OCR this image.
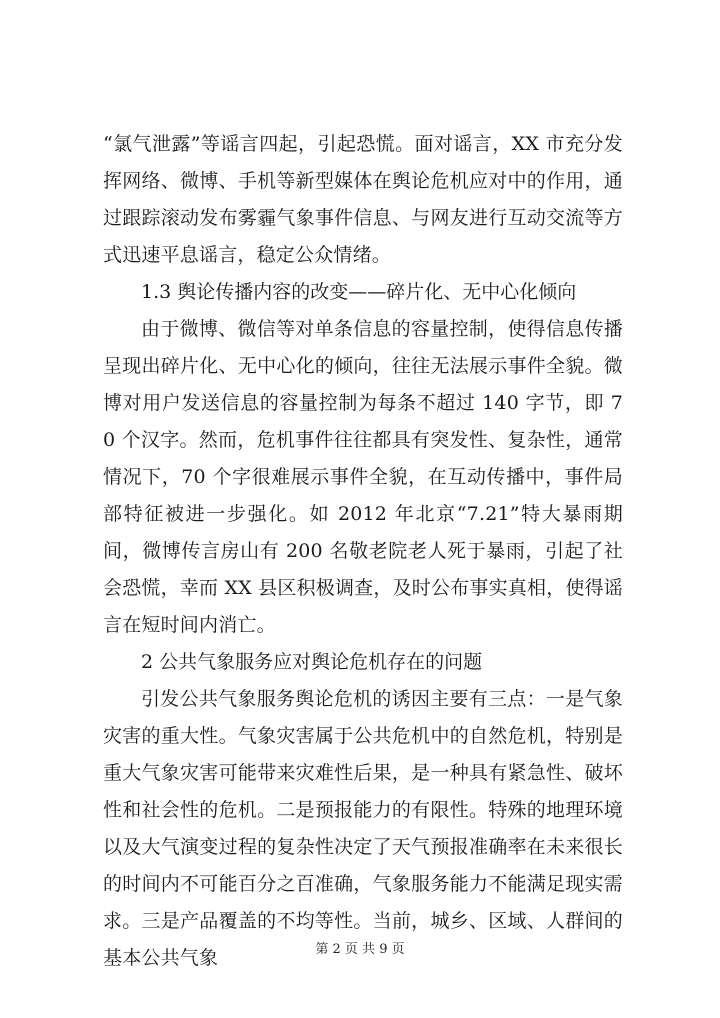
“氯气泄露”等谣言四起，引起恐慌。面对谣言，XX 市充分发挥网络、微博、手机等新型媒体在舆论危机应对中的作用，通过跟踪滚动发布雾霾气象事件信息、与网友进行互动交流等方式迅速平息谣言，稳定公众情绪。

1.3 舆论传播内容的改变——碎片化、无中心化倾向

由于微博、微信等对单条信息的容量控制，使得信息传播呈现出碎片化、无中心化的倾向，往往无法展示事件全貌。微博对用户发送信息的容量控制为每条不超过 140 字节，即 70 个汉字。然而，危机事件往往都具有突发性、复杂性，通常情况下，70 个字很难展示事件全貌，在互动传播中，事件局部特征被进一步强化。如 2012 年北京“7.21”特大暴雨期间，微博传言房山有 200 名敬老院老人死于暴雨，引起了社会恐慌，幸而 XX 县区积极调查，及时公布事实真相，使得谣言在短时间内消亡。

2 公共气象服务应对舆论危机存在的问题

引发公共气象服务舆论危机的诱因主要有三点：一是气象灾害的重大性。气象灾害属于公共危机中的自然危机，特别是重大气象灾害可能带来灾难性后果，是一种具有紧急性、破坏性和社会性的危机。二是预报能力的有限性。特殊的地理环境以及大气演变过程的复杂性决定了天气预报准确率在未来很长的时间内不可能百分之百准确，气象服务能力不能满足现实需求。三是产品覆盖的不均等性。当前，城乡、区域、人群间的基本公共气象	第 2 页 共 9 页
